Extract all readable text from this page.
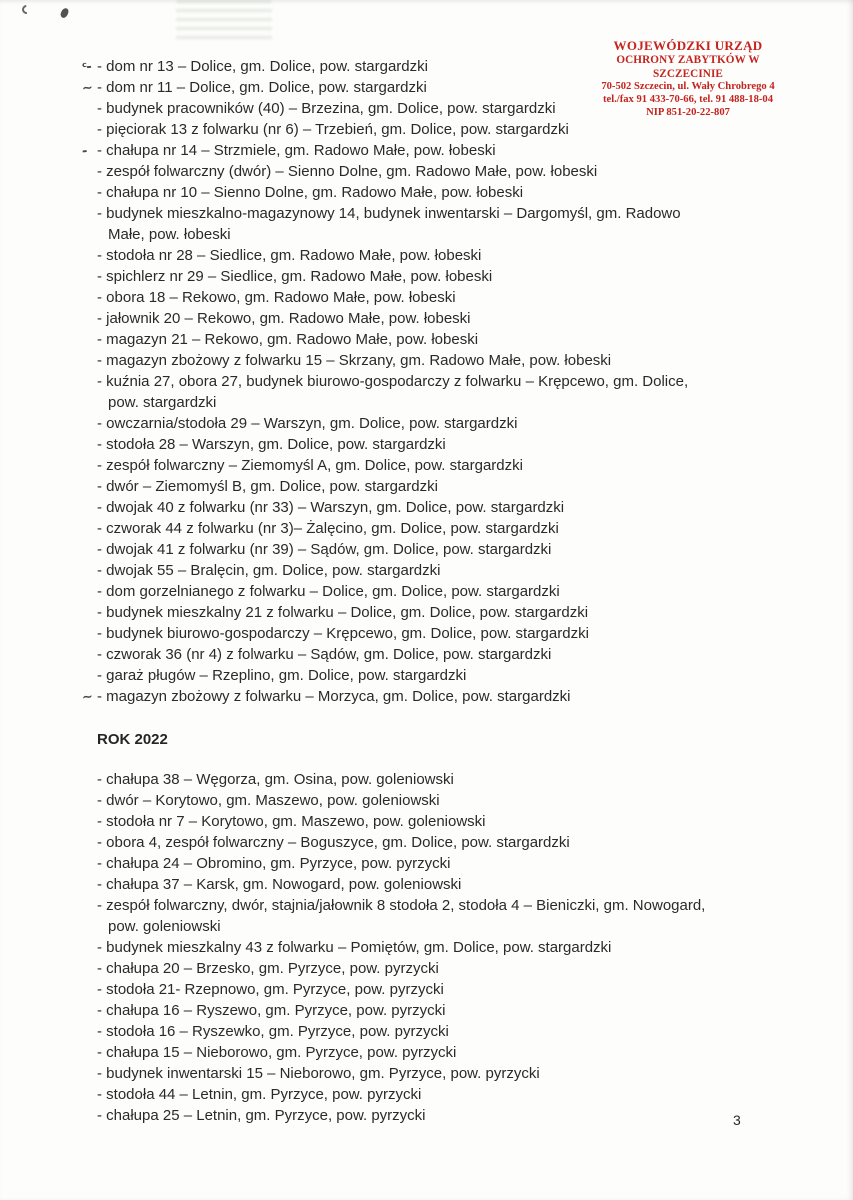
WOJEWÓDZKI URZĄD
OCHRONY ZABYTKÓW W SZCZECINIE
70-502 Szczecin, ul. Wały Chrobrego 4
tel./fax 91 433-70-66, tel. 91 488-18-04
NIP 851-20-22-807
ᶜ- - dom nr 13 – Dolice, gm. Dolice, pow. stargardzki
~ - dom nr 11 – Dolice, gm. Dolice, pow. stargardzki
- budynek pracowników (40) – Brzezina, gm. Dolice, pow. stargardzki
- pięciorak 13 z folwarku (nr 6) – Trzebień, gm. Dolice, pow. stargardzki
- - chałupa nr 14 – Strzmiele, gm. Radowo Małe, pow. łobeski
- zespół folwarczny (dwór) – Sienno Dolne, gm. Radowo Małe, pow. łobeski
- chałupa nr 10 – Sienno Dolne, gm. Radowo Małe, pow. łobeski
- budynek mieszkalno-magazynowy 14, budynek inwentarski – Dargomyśl, gm. Radowo Małe, pow. łobeski
- stodoła nr 28 – Siedlice, gm. Radowo Małe, pow. łobeski
- spichlerz nr 29 – Siedlice, gm. Radowo Małe, pow. łobeski
- obora 18 – Rekowo, gm. Radowo Małe, pow. łobeski
- jałownik 20 – Rekowo, gm. Radowo Małe, pow. łobeski
- magazyn 21 – Rekowo, gm. Radowo Małe, pow. łobeski
- magazyn zbożowy z folwarku 15 – Skrzany, gm. Radowo Małe, pow. łobeski
- kuźnia 27, obora 27, budynek biurowo-gospodarczy z folwarku – Krępcewo, gm. Dolice, pow. stargardzki
- owczarnia/stodoła 29 – Warszyn, gm. Dolice, pow. stargardzki
- stodoła 28 – Warszyn, gm. Dolice, pow. stargardzki
- zespół folwarczny – Ziemomyśl A, gm. Dolice, pow. stargardzki
- dwór – Ziemomyśl B, gm. Dolice, pow. stargardzki
- dwojak 40 z folwarku (nr 33) – Warszyn, gm. Dolice, pow. stargardzki
- czworak 44 z folwarku (nr 3)– Żalęcino, gm. Dolice, pow. stargardzki
- dwojak 41 z folwarku (nr 39) – Sądów, gm. Dolice, pow. stargardzki
- dwojak 55 – Bralęcin, gm. Dolice, pow. stargardzki
- dom gorzelnianego z folwarku – Dolice, gm. Dolice, pow. stargardzki
- budynek mieszkalny 21 z folwarku – Dolice, gm. Dolice, pow. stargardzki
- budynek biurowo-gospodarczy – Krępcewo, gm. Dolice, pow. stargardzki
- czworak 36 (nr 4) z folwarku – Sądów, gm. Dolice, pow. stargardzki
- garaż pługów – Rzeplino, gm. Dolice, pow. stargardzki
~ - magazyn zbożowy z folwarku – Morzyca, gm. Dolice, pow. stargardzki
ROK 2022
- chałupa 38 – Węgorza, gm. Osina, pow. goleniowski
- dwór – Korytowo, gm. Maszewo, pow. goleniowski
- stodoła nr 7 – Korytowo, gm. Maszewo, pow. goleniowski
- obora 4, zespół folwarczny – Boguszyce, gm. Dolice, pow. stargardzki
- chałupa 24 – Obromino, gm. Pyrzyce, pow. pyrzycki
- chałupa 37 – Karsk, gm. Nowogard, pow. goleniowski
- zespół folwarczny, dwór, stajnia/jałownik 8 stodoła 2, stodoła 4 – Bieniczki, gm. Nowogard, pow. goleniowski
- budynek mieszkalny 43 z folwarku – Pomiętów, gm. Dolice, pow. stargardzki
- chałupa 20 – Brzesko, gm. Pyrzyce, pow. pyrzycki
- stodoła 21- Rzepnowo, gm. Pyrzyce, pow. pyrzycki
- chałupa 16 – Ryszewo, gm. Pyrzyce, pow. pyrzycki
- stodoła 16 – Ryszewko, gm. Pyrzyce, pow. pyrzycki
- chałupa 15 – Nieborowo, gm. Pyrzyce, pow. pyrzycki
- budynek inwentarski 15 – Nieborowo, gm. Pyrzyce, pow. pyrzycki
- stodoła 44 – Letnin, gm. Pyrzyce, pow. pyrzycki
- chałupa 25 – Letnin, gm. Pyrzyce, pow. pyrzycki	3
